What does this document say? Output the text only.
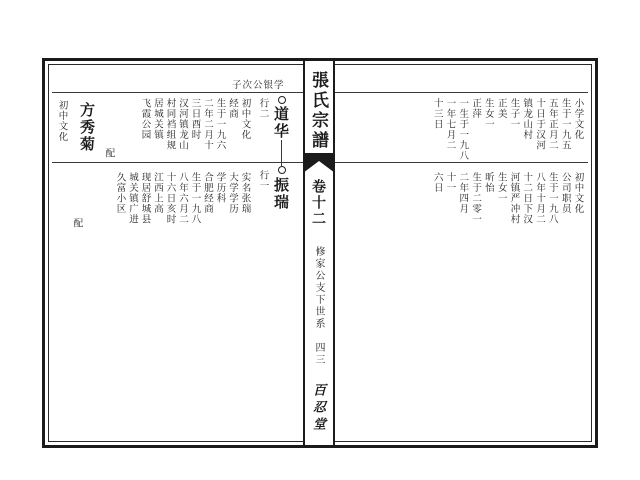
張氏宗譜
卷十二
修家公支下世系　四三
百忍堂
子次公银学
行二 道华
初中文化
经商
生于一九六
二年二月十
三日酉时
汉河镇龙山
村同裆组规
居城关镇
飞霞公园
方秀菊
初中文化
配
行一 振瑞
实名张瑞
大学学历
学历科
合肥经商
生于一九八
八年六月二
十六日亥时
江西上高
现居舒城县
城关镇广进
久富小区
配
小学文化
生于一九五
五年正月二
十日于汉河
镇龙山村
生子一
正美
生女一
正萍
一生于一九八
一年七月二
十三日
初中文化
公司职员
生于一九八
八年十月二
十二日下汉
河镇严冲村
生女一
昕怡
生于二零一
二年四月
十一
六日
